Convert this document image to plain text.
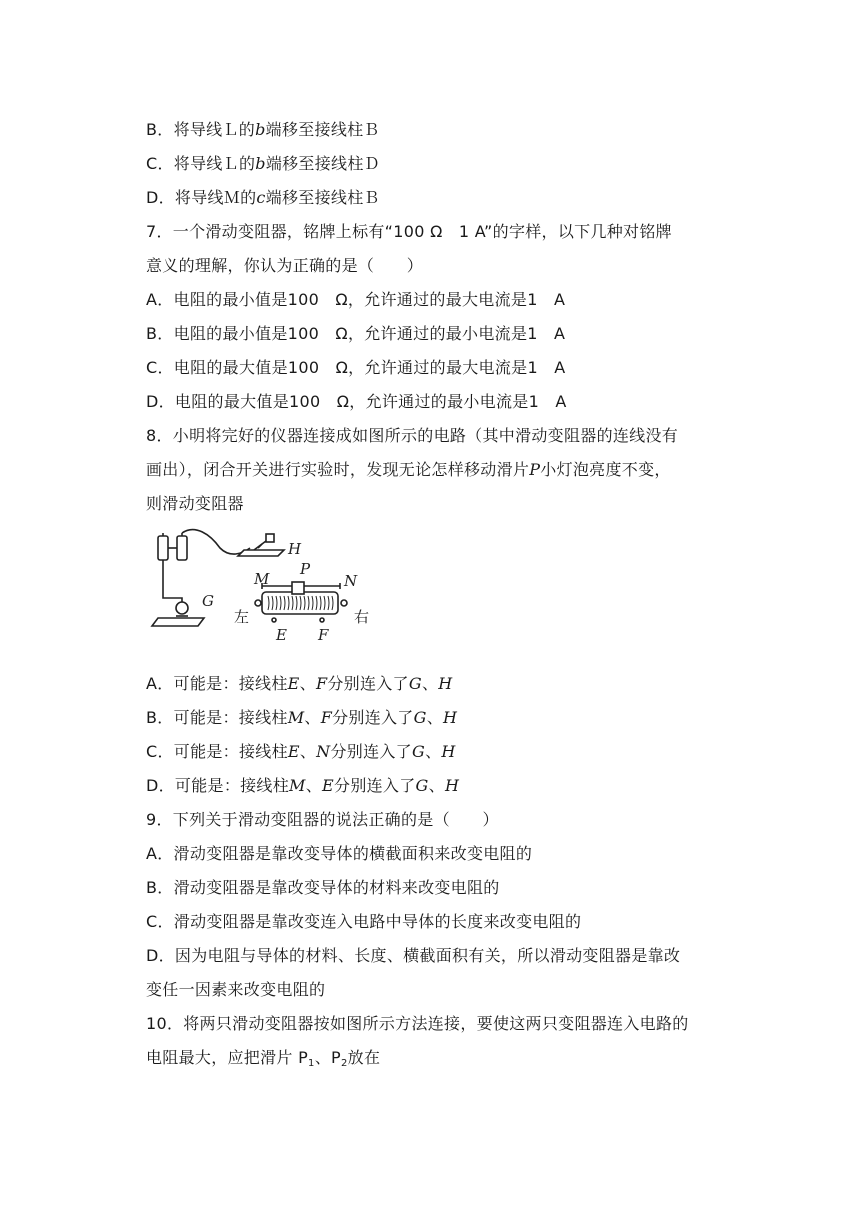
B．将导线Ｌ的b端移至接线柱Ｂ
C．将导线Ｌ的b端移至接线柱Ｄ
D．将导线Ｍ的c端移至接线柱Ｂ
7．一个滑动变阻器，铭牌上标有“100 Ω　1 A”的字样，以下几种对铭牌
意义的理解，你认为正确的是（　　）
A．电阻的最小值是100　Ω，允许通过的最大电流是1　A
B．电阻的最小值是100　Ω，允许通过的最小电流是1　A
C．电阻的最大值是100　Ω，允许通过的最大电流是1　A
D．电阻的最大值是100　Ω，允许通过的最小电流是1　A
8．小明将完好的仪器连接成如图所示的电路（其中滑动变阻器的连线没有
画出），闭合开关进行实验时，发现无论怎样移动滑片P小灯泡亮度不变，
则滑动变阻器
H
G
M
P
N
E F
左	右
A．可能是：接线柱E、F分别连入了G、H
B．可能是：接线柱M、F分别连入了G、H
C．可能是：接线柱E、N分别连入了G、H
D．可能是：接线柱M、E分别连入了G、H
9．下列关于滑动变阻器的说法正确的是（　　）
A．滑动变阻器是靠改变导体的横截面积来改变电阻的
B．滑动变阻器是靠改变导体的材料来改变电阻的
C．滑动变阻器是靠改变连入电路中导体的长度来改变电阻的
D．因为电阻与导体的材料、长度、横截面积有关，所以滑动变阻器是靠改
变任一因素来改变电阻的
10．将两只滑动变阻器按如图所示方法连接，要使这两只变阻器连入电路的
电阻最大，应把滑片 $P_1$、$P_2$放在
